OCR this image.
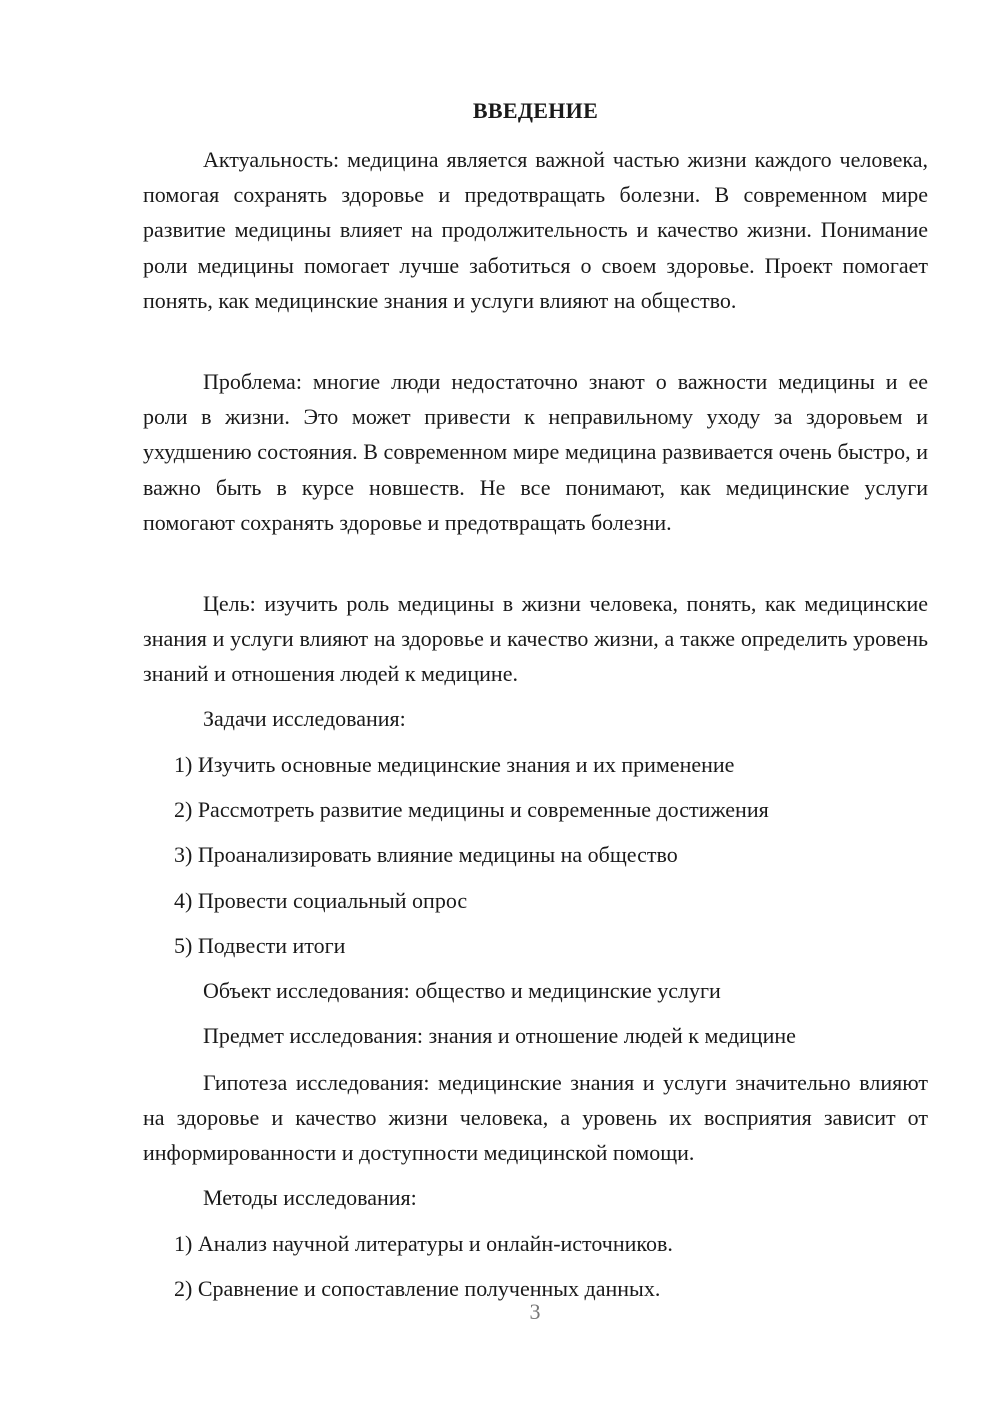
ВВЕДЕНИЕ

Актуальность: медицина является важной частью жизни каждого человека, помогая сохранять здоровье и предотвращать болезни. В современном мире развитие медицины влияет на продолжительность и качество жизни. Понимание роли медицины помогает лучше заботиться о своем здоровье. Проект помогает понять, как медицинские знания и услуги влияют на общество.

Проблема: многие люди недостаточно знают о важности медицины и ее роли в жизни. Это может привести к неправильному уходу за здоровьем и ухудшению состояния. В современном мире медицина развивается очень быстро, и важно быть в курсе новшеств. Не все понимают, как медицинские услуги помогают сохранять здоровье и предотвращать болезни.

Цель: изучить роль медицины в жизни человека, понять, как медицинские знания и услуги влияют на здоровье и качество жизни, а также определить уровень знаний и отношения людей к медицине.

Задачи исследования:

1) Изучить основные медицинские знания и их применение

2) Рассмотреть развитие медицины и современные достижения

3) Проанализировать влияние медицины на общество

4) Провести социальный опрос

5) Подвести итоги

Объект исследования: общество и медицинские услуги

Предмет исследования: знания и отношение людей к медицине

Гипотеза исследования: медицинские знания и услуги значительно влияют на здоровье и качество жизни человека, а уровень их восприятия зависит от информированности и доступности медицинской помощи.

Методы исследования:

1) Анализ научной литературы и онлайн-источников.

2) Сравнение и сопоставление полученных данных.

3
